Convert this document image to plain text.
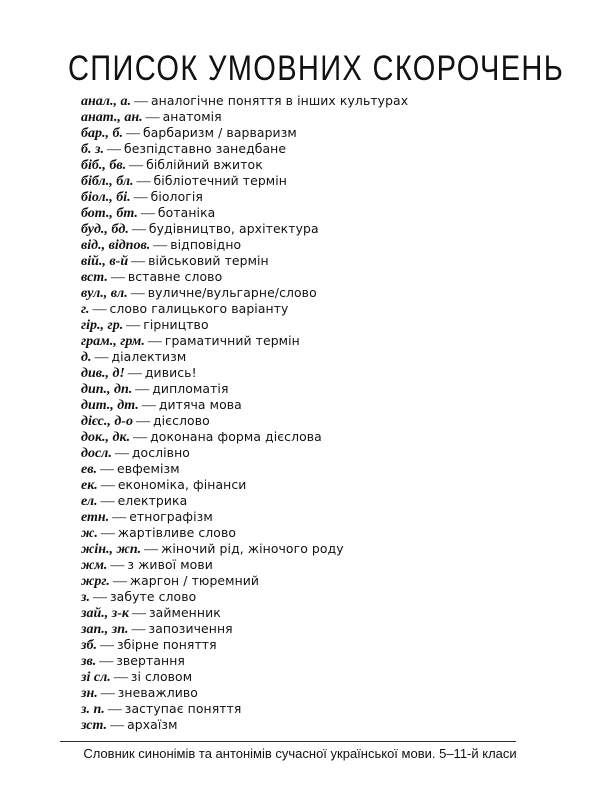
СПИСОК УМОВНИХ СКОРОЧЕНЬ
анал., а. — аналогічне поняття в інших культурах
анат., ан. — анатомія
бар., б. — барбаризм / варваризм
б. з. — безпідставно занедбане
біб., бв. — біблійний вжиток
бібл., бл. — бібліотечний термін
біол., бі. — біологія
бот., бт. — ботаніка
буд., бд. — будівництво, архітектура
від., відпов. — відповідно
вій., в-й — військовий термін
вст. — вставне слово
вул., вл. — вуличне/вульгарне/слово
г. — слово галицького варіанту
гір., гр. — гірництво
грам., грм. — граматичний термін
д. — діалектизм
див., д! — дивись!
дип., дп. — дипломатія
дит., дт. — дитяча мова
дієс., д-о — дієслово
док., дк. — доконана форма дієслова
досл. — дослівно
ев. — евфемізм
ек. — економіка, фінанси
ел. — електрика
етн. — етнографізм
ж. — жартівливе слово
жін., жп. — жіночий рід, жіночого роду
жм. — з живої мови
жрг. — жаргон / тюремний
з. — забуте слово
зай., з-к — займенник
зап., зп. — запозичення
зб. — збірне поняття
зв. — звертання
зі сл. — зі словом
зн. — зневажливо
з. п. — заступає поняття
зст. — архаїзм
Словник синонімів та антонімів сучасної української мови. 5–11-й класи
